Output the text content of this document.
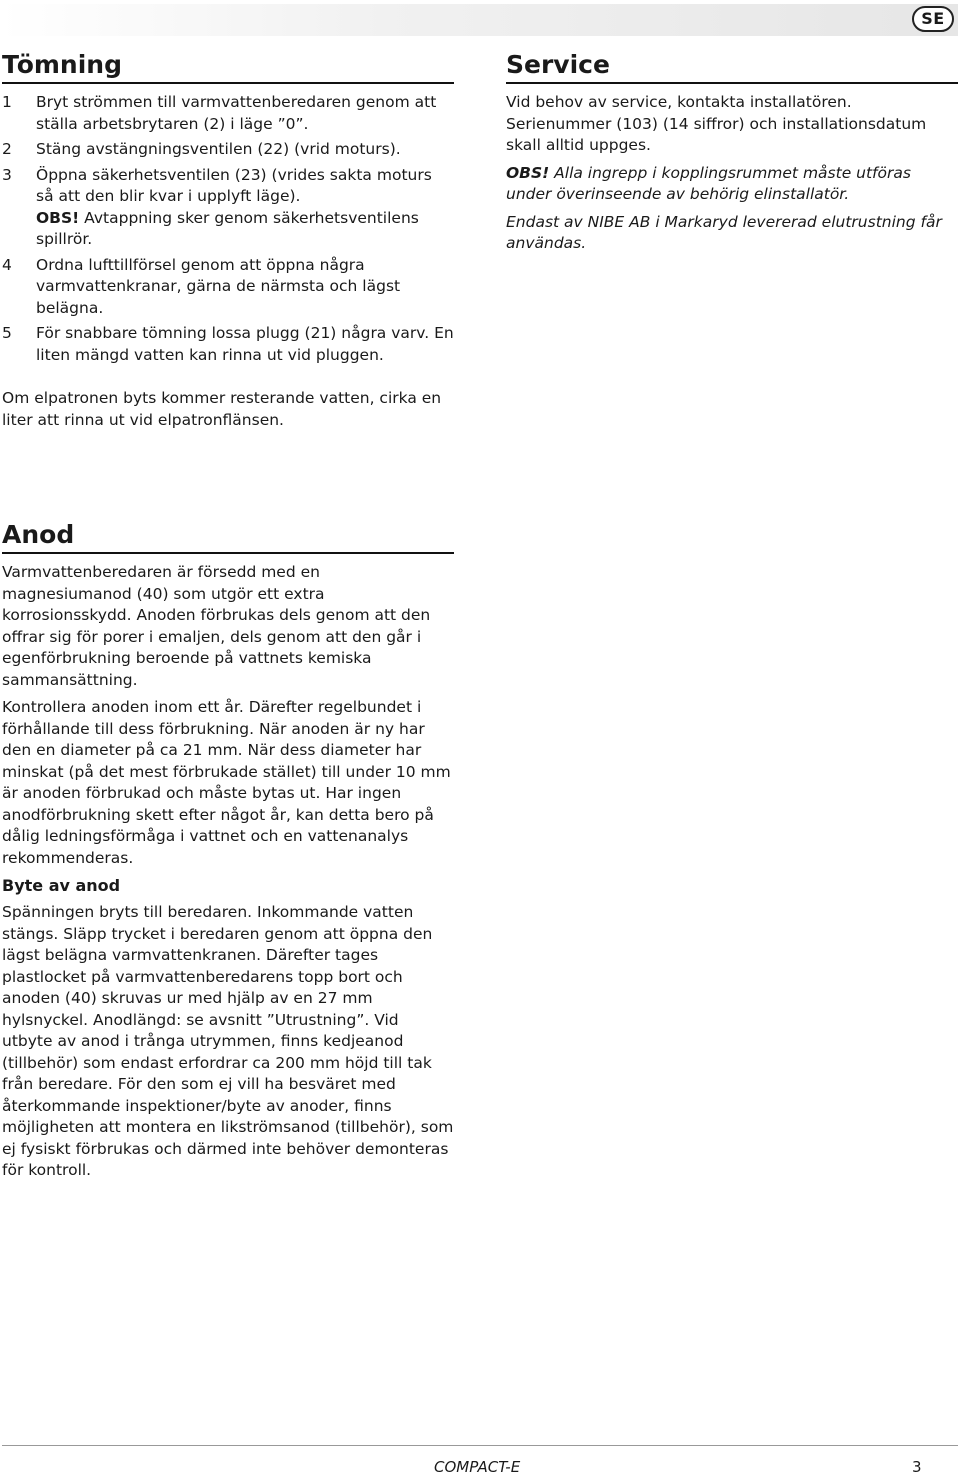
SE
Tömning
1 Bryt strömmen till varmvattenberedaren genom att ställa arbetsbrytaren (2) i läge ”0”.
2 Stäng avstängningsventilen (22) (vrid moturs).
3 Öppna säkerhetsventilen (23) (vrides sakta moturs så att den blir kvar i upplyft läge).
OBS! Avtappning sker genom säkerhetsventilens spillrör.
4 Ordna lufttillförsel genom att öppna några varmvattenkranar, gärna de närmsta och lägst belägna.
5 För snabbare tömning lossa plugg (21) några varv. En liten mängd vatten kan rinna ut vid pluggen.

Om elpatronen byts kommer resterande vatten, cirka en liter att rinna ut vid elpatronflänsen.

Service

Vid behov av service, kontakta installatören. Serienummer (103) (14 siffror) och installationsdatum skall alltid uppges.

OBS! Alla ingrepp i kopplingsrummet måste utföras under överinseende av behörig elinstallatör.

Endast av NIBE AB i Markaryd levererad elutrustning får användas.

Anod

Varmvattenberedaren är försedd med en magnesiumanod (40) som utgör ett extra korrosionsskydd. Anoden förbrukas dels genom att den offrar sig för porer i emaljen, dels genom att den går i egenförbrukning beroende på vattnets kemiska sammansättning.

Kontrollera anoden inom ett år. Därefter regelbundet i förhållande till dess förbrukning. När anoden är ny har den en diameter på ca 21 mm. När dess diameter har minskat (på det mest förbrukade stället) till under 10 mm är anoden förbrukad och måste bytas ut. Har ingen anodförbrukning skett efter något år, kan detta bero på dålig ledningsförmåga i vattnet och en vattenanalys rekommenderas.

Byte av anod

Spänningen bryts till beredaren. Inkommande vatten stängs. Släpp trycket i beredaren genom att öppna den lägst belägna varmvattenkranen. Därefter tages plastlocket på varmvattenberedarens topp bort och anoden (40) skruvas ur med hjälp av en 27 mm hylsnyckel. Anodlängd: se avsnitt ”Utrustning”. Vid utbyte av anod i trånga utrymmen, finns kedjeanod (tillbehör) som endast erfordrar ca 200 mm höjd till tak från beredare. För den som ej vill ha besväret med återkommande inspektioner/byte av anoder, finns möjligheten att montera en likströmsanod (tillbehör), som ej fysiskt förbrukas och därmed inte behöver demonteras för kontroll.

COMPACT-E	3
